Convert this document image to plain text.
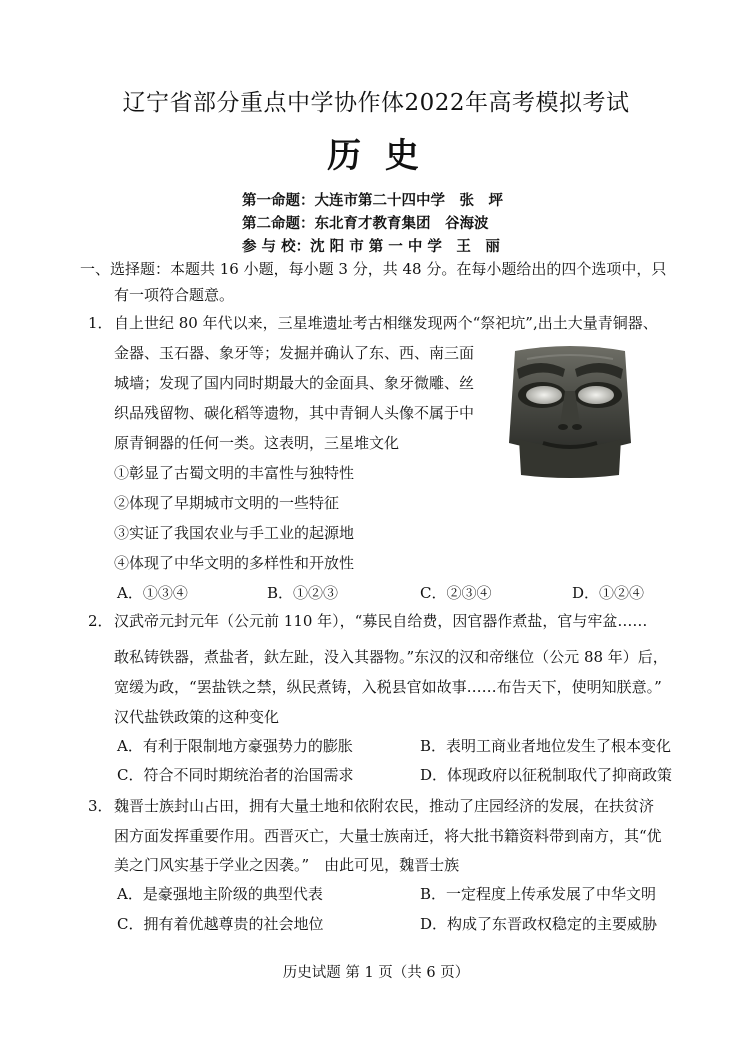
辽宁省部分重点中学协作体2022年高考模拟考试
历 史
第一命题：大连市第二十四中学　张　坪
第二命题：东北育才教育集团　谷海波
参 与 校：沈 阳 市 第 一 中 学　王　丽
一、选择题：本题共 16 小题，每小题 3 分，共 48 分。在每小题给出的四个选项中，只
有一项符合题意。
1． 自上世纪 80 年代以来，三星堆遗址考古相继发现两个“祭祀坑”,出土大量青铜器、
金器、玉石器、象牙等；发掘并确认了东、西、南三面
城墙；发现了国内同时期最大的金面具、象牙微雕、丝
织品残留物、碳化稻等遗物，其中青铜人头像不属于中
原青铜器的任何一类。这表明，三星堆文化
①彰显了古蜀文明的丰富性与独特性
②体现了早期城市文明的一些特征
③实证了我国农业与手工业的起源地
④体现了中华文明的多样性和开放性
A．①③④	B．①②③	C．②③④	D．①②④
2． 汉武帝元封元年（公元前 110 年），“募民自给费，因官器作煮盐，官与牢盆……
敢私铸铁器，煮盐者，釱左趾，没入其器物。”东汉的汉和帝继位（公元 88 年）后，
宽缓为政，“罢盐铁之禁，纵民煮铸，入税县官如故事……布告天下，使明知朕意。”
汉代盐铁政策的这种变化
A．有利于限制地方豪强势力的膨胀	B．表明工商业者地位发生了根本变化
C．符合不同时期统治者的治国需求	D．体现政府以征税制取代了抑商政策
3． 魏晋士族封山占田，拥有大量土地和依附农民，推动了庄园经济的发展，在扶贫济
困方面发挥重要作用。西晋灭亡，大量士族南迁，将大批书籍资料带到南方，其“优
美之门风实基于学业之因袭。”　由此可见，魏晋士族
A．是豪强地主阶级的典型代表	B．一定程度上传承发展了中华文明
C．拥有着优越尊贵的社会地位	D．构成了东晋政权稳定的主要威胁
历史试题 第 1 页（共 6 页）
